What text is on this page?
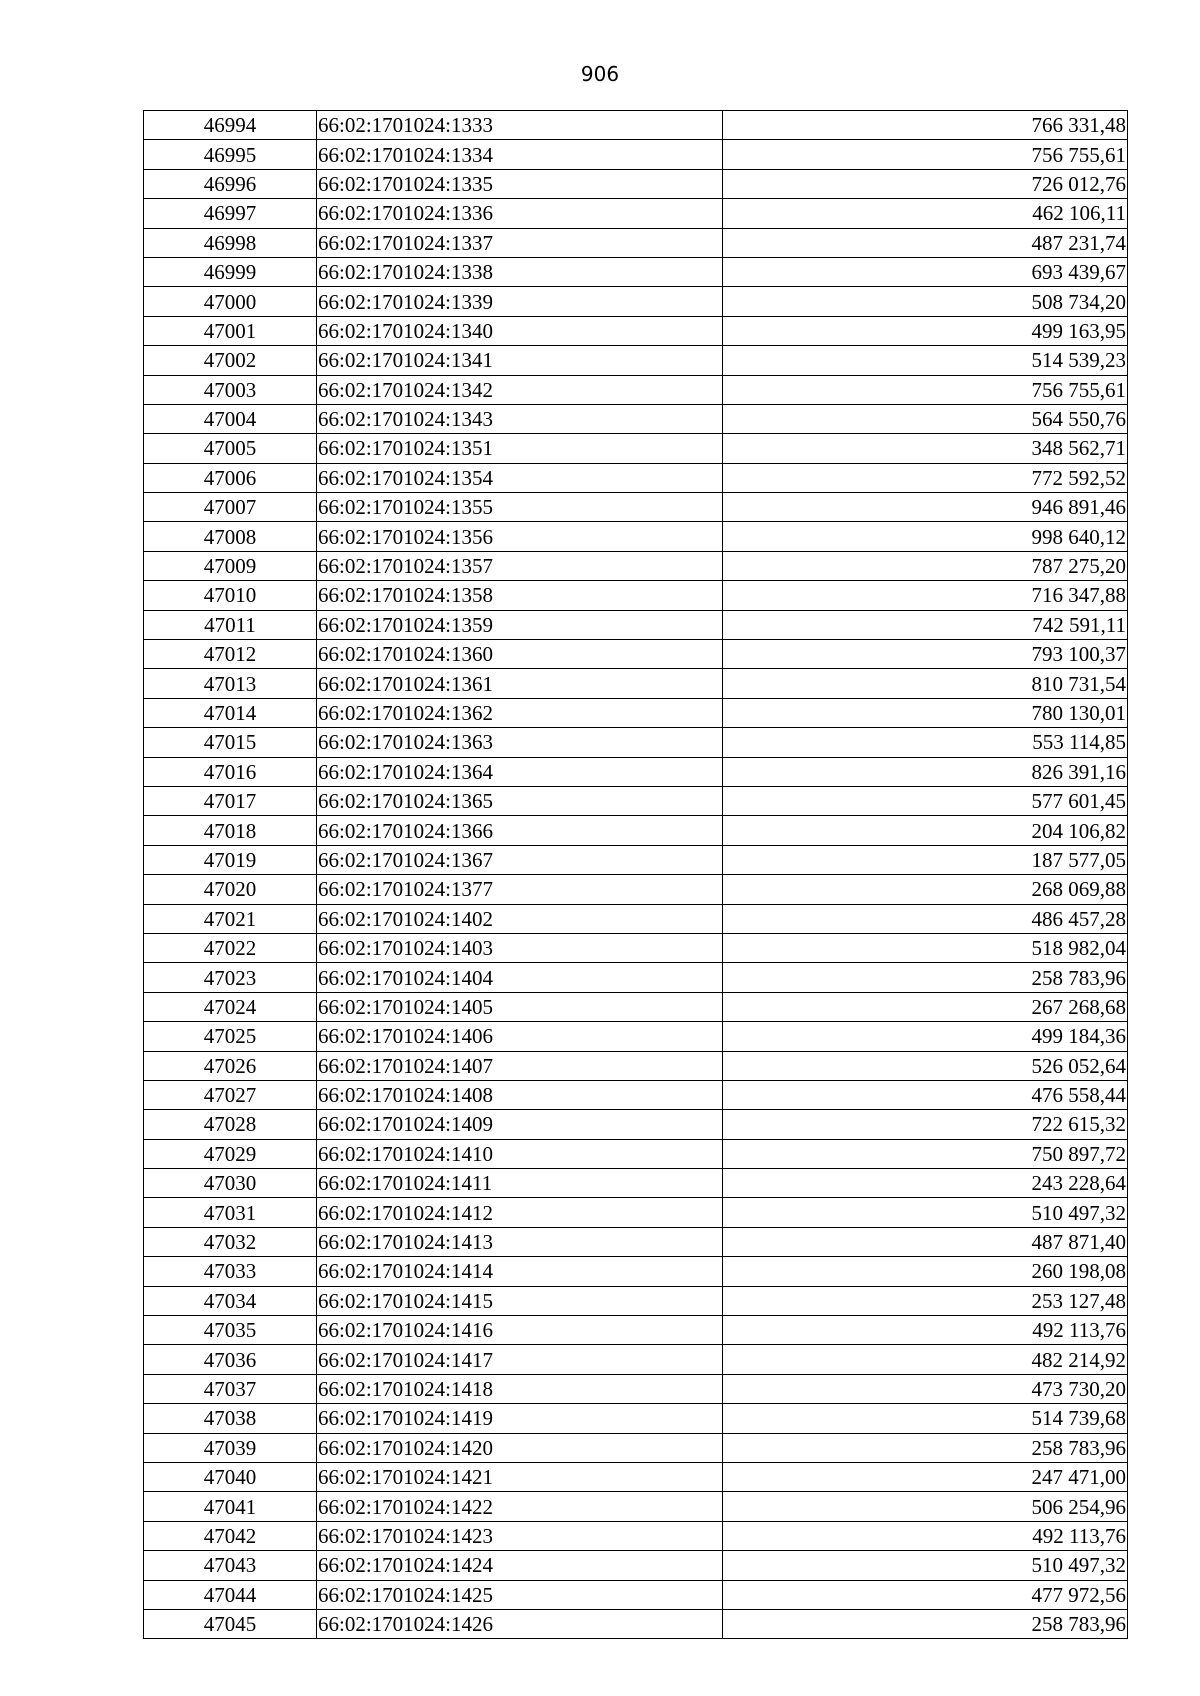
906
46994	66:02:1701024:1333	766 331,48
46995	66:02:1701024:1334	756 755,61
46996	66:02:1701024:1335	726 012,76
46997	66:02:1701024:1336	462 106,11
46998	66:02:1701024:1337	487 231,74
46999	66:02:1701024:1338	693 439,67
47000	66:02:1701024:1339	508 734,20
47001	66:02:1701024:1340	499 163,95
47002	66:02:1701024:1341	514 539,23
47003	66:02:1701024:1342	756 755,61
47004	66:02:1701024:1343	564 550,76
47005	66:02:1701024:1351	348 562,71
47006	66:02:1701024:1354	772 592,52
47007	66:02:1701024:1355	946 891,46
47008	66:02:1701024:1356	998 640,12
47009	66:02:1701024:1357	787 275,20
47010	66:02:1701024:1358	716 347,88
47011	66:02:1701024:1359	742 591,11
47012	66:02:1701024:1360	793 100,37
47013	66:02:1701024:1361	810 731,54
47014	66:02:1701024:1362	780 130,01
47015	66:02:1701024:1363	553 114,85
47016	66:02:1701024:1364	826 391,16
47017	66:02:1701024:1365	577 601,45
47018	66:02:1701024:1366	204 106,82
47019	66:02:1701024:1367	187 577,05
47020	66:02:1701024:1377	268 069,88
47021	66:02:1701024:1402	486 457,28
47022	66:02:1701024:1403	518 982,04
47023	66:02:1701024:1404	258 783,96
47024	66:02:1701024:1405	267 268,68
47025	66:02:1701024:1406	499 184,36
47026	66:02:1701024:1407	526 052,64
47027	66:02:1701024:1408	476 558,44
47028	66:02:1701024:1409	722 615,32
47029	66:02:1701024:1410	750 897,72
47030	66:02:1701024:1411	243 228,64
47031	66:02:1701024:1412	510 497,32
47032	66:02:1701024:1413	487 871,40
47033	66:02:1701024:1414	260 198,08
47034	66:02:1701024:1415	253 127,48
47035	66:02:1701024:1416	492 113,76
47036	66:02:1701024:1417	482 214,92
47037	66:02:1701024:1418	473 730,20
47038	66:02:1701024:1419	514 739,68
47039	66:02:1701024:1420	258 783,96
47040	66:02:1701024:1421	247 471,00
47041	66:02:1701024:1422	506 254,96
47042	66:02:1701024:1423	492 113,76
47043	66:02:1701024:1424	510 497,32
47044	66:02:1701024:1425	477 972,56
47045	66:02:1701024:1426	258 783,96
